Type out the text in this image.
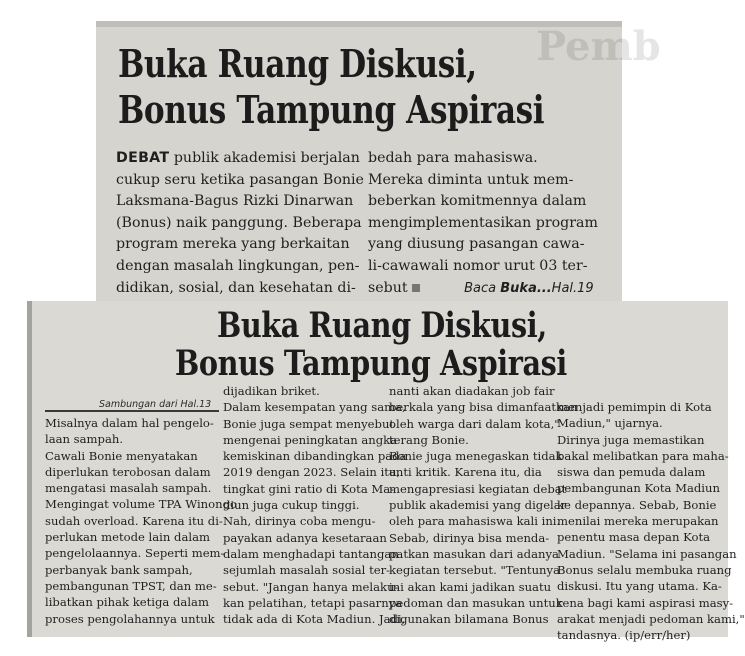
Pemb
Buka Ruang Diskusi,
Bonus Tampung Aspirasi

DEBAT publik akademisi berjalan

cukup seru ketika pasangan Bonie

Laksmana-Bagus Rizki Dinarwan

(Bonus) naik panggung. Beberapa

program mereka yang berkaitan

dengan masalah lingkungan, pen-

didikan, sosial, dan kesehatan di-

bedah para mahasiswa.

Mereka diminta untuk mem-

beberkan komitmennya dalam

mengimplementasikan program

yang diusung pasangan cawa-

li-cawawali nomor urut 03 ter-

sebut	Baca Buka...Hal.19

Buka Ruang Diskusi,
Bonus Tampung Aspirasi
Sambungan dari Hal.13

Misalnya dalam hal pengelo-

laan sampah.

Cawali Bonie menyatakan

diperlukan terobosan dalam

mengatasi masalah sampah.

Mengingat volume TPA Winongo

sudah overload. Karena itu di-

perlukan metode lain dalam

pengelolaannya. Seperti mem-

perbanyak bank sampah,

pembangunan TPST, dan me-

libatkan pihak ketiga dalam

proses pengolahannya untuk

dijadikan briket.

Dalam kesempatan yang sama,

Bonie juga sempat menyebut

mengenai peningkatan angka

kemiskinan dibandingkan pada

2019 dengan 2023. Selain itu,

tingkat gini ratio di Kota Ma-

diun juga cukup tinggi.

Nah, dirinya coba mengu-

payakan adanya kesetaraan

dalam menghadapi tantangan

sejumlah masalah sosial ter-

sebut. "Jangan hanya melaku-

kan pelatihan, tetapi pasarnya

tidak ada di Kota Madiun. Jadi,

nanti akan diadakan job fair

berkala yang bisa dimanfaatkan

oleh warga dari dalam kota,"

terang Bonie.

Bonie juga menegaskan tidak

anti kritik. Karena itu, dia

mengapresiasi kegiatan debat

publik akademisi yang digelar

oleh para mahasiswa kali ini.

Sebab, dirinya bisa menda-

patkan masukan dari adanya

kegiatan tersebut. "Tentunya

ini akan kami jadikan suatu

pedoman dan masukan untuk

digunakan bilamana Bonus

menjadi pemimpin di Kota

Madiun," ujarnya.

Dirinya juga memastikan

bakal melibatkan para maha-

siswa dan pemuda dalam

pembangunan Kota Madiun

ke depannya. Sebab, Bonie

menilai mereka merupakan

penentu masa depan Kota

Madiun. "Selama ini pasangan

Bonus selalu membuka ruang

diskusi. Itu yang utama. Ka-

rena bagi kami aspirasi masy-

arakat menjadi pedoman kami,"

tandasnya. (ip/err/her)
